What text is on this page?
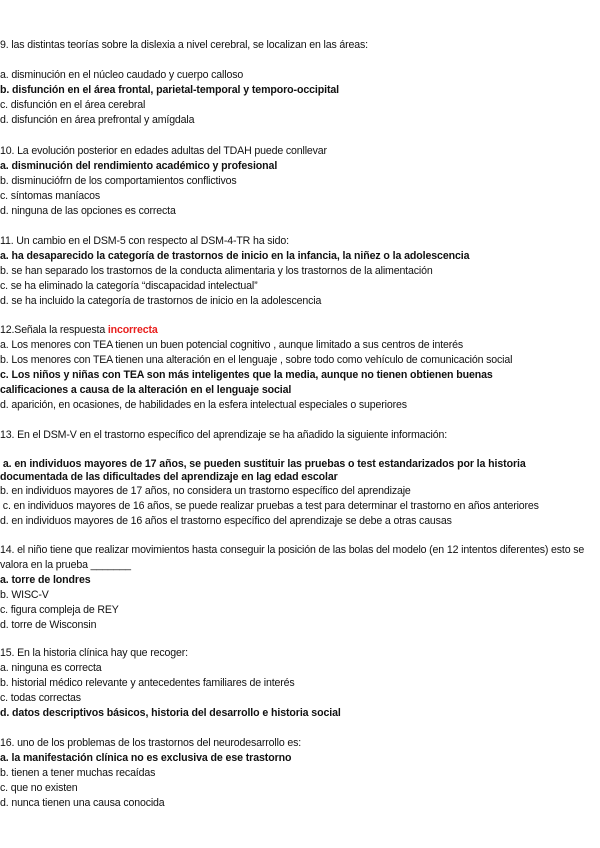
9. las distintas teorías sobre la dislexia a nivel cerebral, se localizan en las áreas:
a. disminución en el núcleo caudado y cuerpo calloso
b. disfunción en el área frontal, parietal-temporal y temporo-occipital
c. disfunción en el área cerebral
d. disfunción en área prefrontal y amígdala
10. La evolución posterior en edades adultas del TDAH puede conllevar
a. disminución del rendimiento académico y profesional
b. disminuciófrn de los comportamientos conflictivos
c. síntomas maníacos
d. ninguna de las opciones es correcta
11. Un cambio en el DSM-5 con respecto al DSM-4-TR ha sido:
a. ha desaparecido la categoría de trastornos de inicio en la infancia, la niñez o la adolescencia
b. se han separado los trastornos de la conducta alimentaria y los trastornos de la alimentación
c. se ha eliminado la categoría “discapacidad intelectual”
d. se ha incluido la categoría de trastornos de inicio en la adolescencia
12.Señala la respuesta incorrecta
a. Los menores con TEA tienen un buen potencial cognitivo , aunque limitado a sus centros de interés
b. Los menores con TEA tienen una alteración en el lenguaje , sobre todo como vehículo de comunicación social
c. Los niños y niñas con TEA son más inteligentes que la media, aunque no tienen obtienen buenas calificaciones a causa de la alteración en el lenguaje social
d. aparición, en ocasiones, de habilidades en la esfera intelectual especiales o superiores
13. En el DSM-V en el trastorno específico del aprendizaje se ha añadido la siguiente información:
a. en individuos mayores de 17 años, se pueden sustituir las pruebas o test estandarizados por la historia documentada de las dificultades del aprendizaje en lag edad escolar
b. en individuos mayores de 17 años, no considera un trastorno específico del aprendizaje
c. en individuos mayores de 16 años, se puede realizar pruebas a test para determinar el trastorno en años anteriores
d. en individuos mayores de 16 años el trastorno específico del aprendizaje se debe a otras causas
14. el niño tiene que realizar movimientos hasta conseguir la posición de las bolas del modelo (en 12 intentos diferentes) esto se valora en la prueba _______
a. torre de londres
b. WISC-V
c. figura compleja de REY
d. torre de Wisconsin
15. En la historia clínica hay que recoger:
a. ninguna es correcta
b. historial médico relevante y antecedentes familiares de interés
c. todas correctas
d. datos descriptivos básicos, historia del desarrollo e historia social
16. uno de los problemas de los trastornos del neurodesarrollo es:
a. la manifestación clínica no es exclusiva de ese trastorno
b. tienen a tener muchas recaídas
c. que no existen
d. nunca tienen una causa conocida
